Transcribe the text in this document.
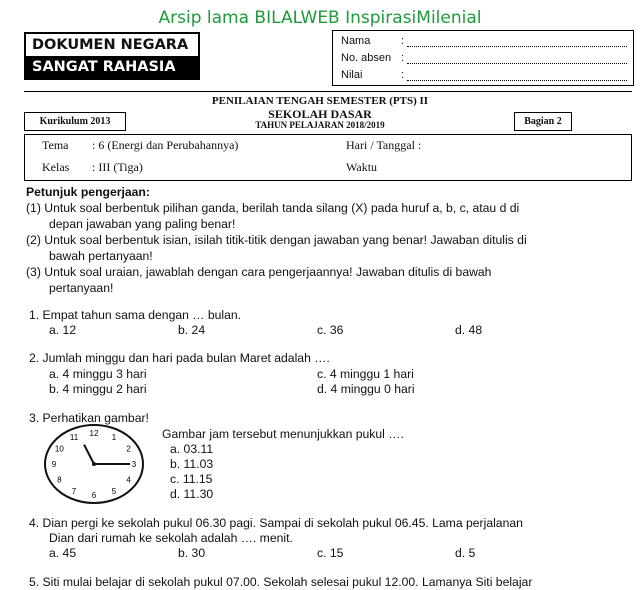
Arsip lama BILALWEB InspirasiMilenial
DOKUMEN NEGARA
SANGAT RAHASIA
Nama	:
No. absen :
Nilai	:
PENILAIAN TENGAH SEMESTER (PTS) II
SEKOLAH DASAR
TAHUN PELAJARAN 2018/2019
Kurikulum 2013	Bagian 2
Tema : 6 (Energi dan Perubahannya)
Kelas : III (Tiga)
Hari / Tanggal :
Waktu
Petunjuk pengerjaan:
(1) Untuk soal berbentuk pilihan ganda, berilah tanda silang (X) pada huruf a, b, c, atau d di
depan jawaban yang paling benar!
(2) Untuk soal berbentuk isian, isilah titik-titik dengan jawaban yang benar! Jawaban ditulis di
bawah pertanyaan!
(3) Untuk soal uraian, jawablah dengan cara pengerjaannya! Jawaban ditulis di bawah
pertanyaan!
1. Empat tahun sama dengan … bulan.
a. 12	b. 24	c. 36	d. 48
2. Jumlah minggu dan hari pada bulan Maret adalah ….
a. 4 minggu 3 hari
b. 4 minggu 2 hari
c. 4 minggu 1 hari
d. 4 minggu 0 hari
3. Perhatikan gambar!
12 1
2
3
4
5
6
7
8
9
10
11	Gambar jam tersebut menunjukkan pukul ….
a. 03.11
b. 11.03
c. 11.15
d. 11.30
4. Dian pergi ke sekolah pukul 06.30 pagi. Sampai di sekolah pukul 06.45. Lama perjalanan
Dian dari rumah ke sekolah adalah …. menit.
a. 45	b. 30	c. 15	d. 5
5. Siti mulai belajar di sekolah pukul 07.00. Sekolah selesai pukul 12.00. Lamanya Siti belajar
